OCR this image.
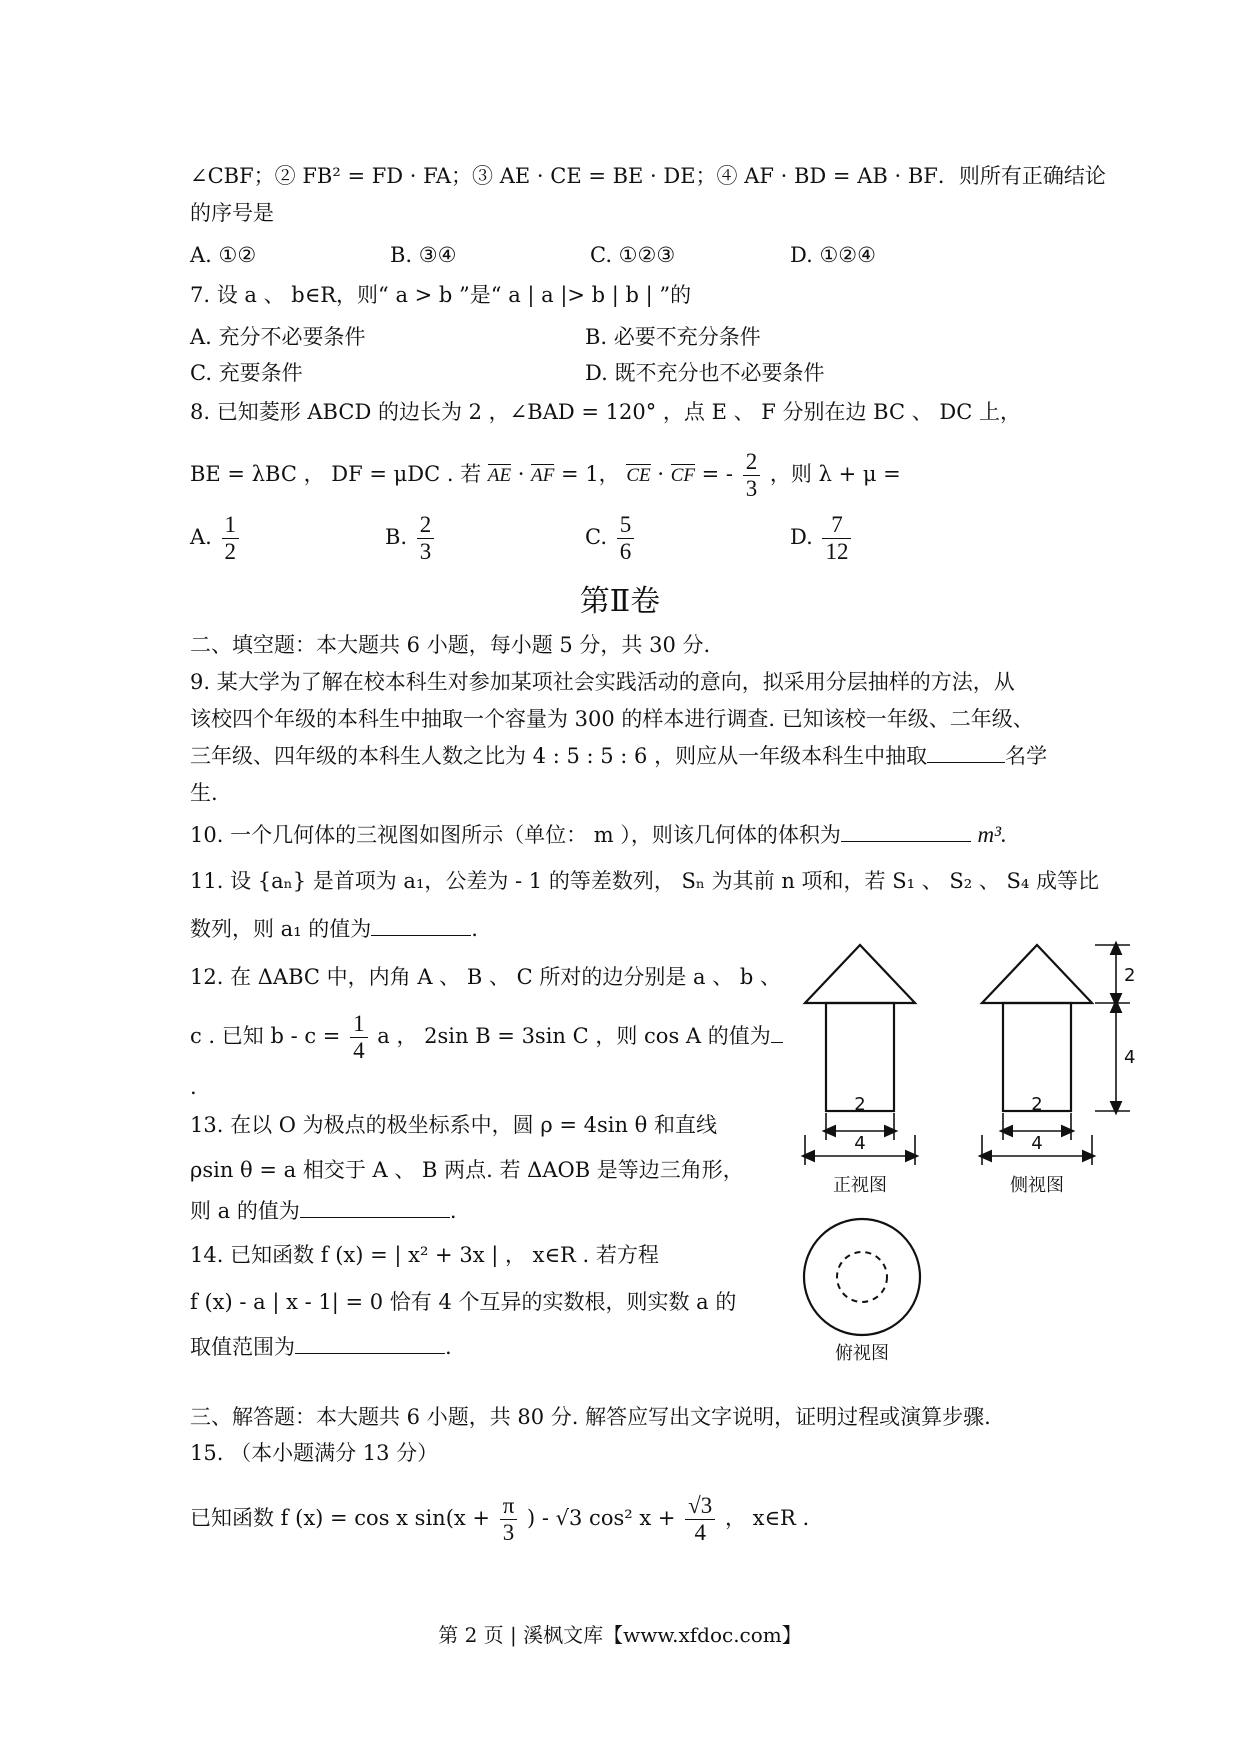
∠CBF；② FB² = FD · FA；③ AE · CE = BE · DE；④ AF · BD = AB · BF．则所有正确结论
的序号是
A. ①②	B. ③④	C. ①②③	D. ①②④
7. 设 a 、 b∈R，则“ a > b ”是“ a | a |> b | b | ”的
A. 充分不必要条件	B. 必要不充分条件
C. 充要条件	D. 既不充分也不必要条件
8. 已知菱形 ABCD 的边长为 2 ，∠BAD = 120° ，点 E 、 F 分别在边 BC 、 DC 上，
BE = λBC ， DF = μDC . 若 AE · AF = 1， CE · CF = - $\frac{2}{3}$ ，则 λ + μ =
A. $\frac{1}{2}$	B. $\frac{2}{3}$	C. $\frac{5}{6}$	D. $\frac{7}{12}$
第Ⅱ卷
二、填空题：本大题共 6 小题，每小题 5 分，共 30 分.
9. 某大学为了解在校本科生对参加某项社会实践活动的意向，拟采用分层抽样的方法，从
该校四个年级的本科生中抽取一个容量为 300 的样本进行调查. 已知该校一年级、二年级、
三年级、四年级的本科生人数之比为 4 : 5 : 5 : 6 ，则应从一年级本科生中抽取	名学
生.
10. 一个几何体的三视图如图所示（单位： m ），则该几何体的体积为	m³.
11. 设 {aₙ} 是首项为 a₁，公差为 - 1 的等差数列， Sₙ 为其前 n 项和，若 S₁ 、 S₂ 、 S₄ 成等比
数列，则 a₁ 的值为	.
12. 在 ΔABC 中，内角 A 、 B 、 C 所对的边分别是 a 、 b 、
c . 已知 $b - c = \frac{1}{4}$ a ， 2sin B = 3sin C ，则 cos A 的值为
.
13. 在以 O 为极点的极坐标系中，圆 ρ = 4sin θ 和直线
ρsin θ = a 相交于 A 、 B 两点. 若 ΔAOB 是等边三角形，
则 a 的值为	.
14. 已知函数 f (x) = | x² + 3x | ， x∈R . 若方程
f (x) - a | x - 1| = 0 恰有 4 个互异的实数根，则实数 a 的
取值范围为	.
2
4
2
4
2
4
正视图	侧视图
俯视图
三、解答题：本大题共 6 小题，共 80 分. 解答应写出文字说明，证明过程或演算步骤.
15. （本小题满分 13 分）
已知函数 f (x) = cos x $\sin(x + \frac{\pi}{3}$ ) - √3 cos² $x + \frac{√3}{4}$ ， x∈R .
第 2 页 | 溪枫文库【www.xfdoc.com】
